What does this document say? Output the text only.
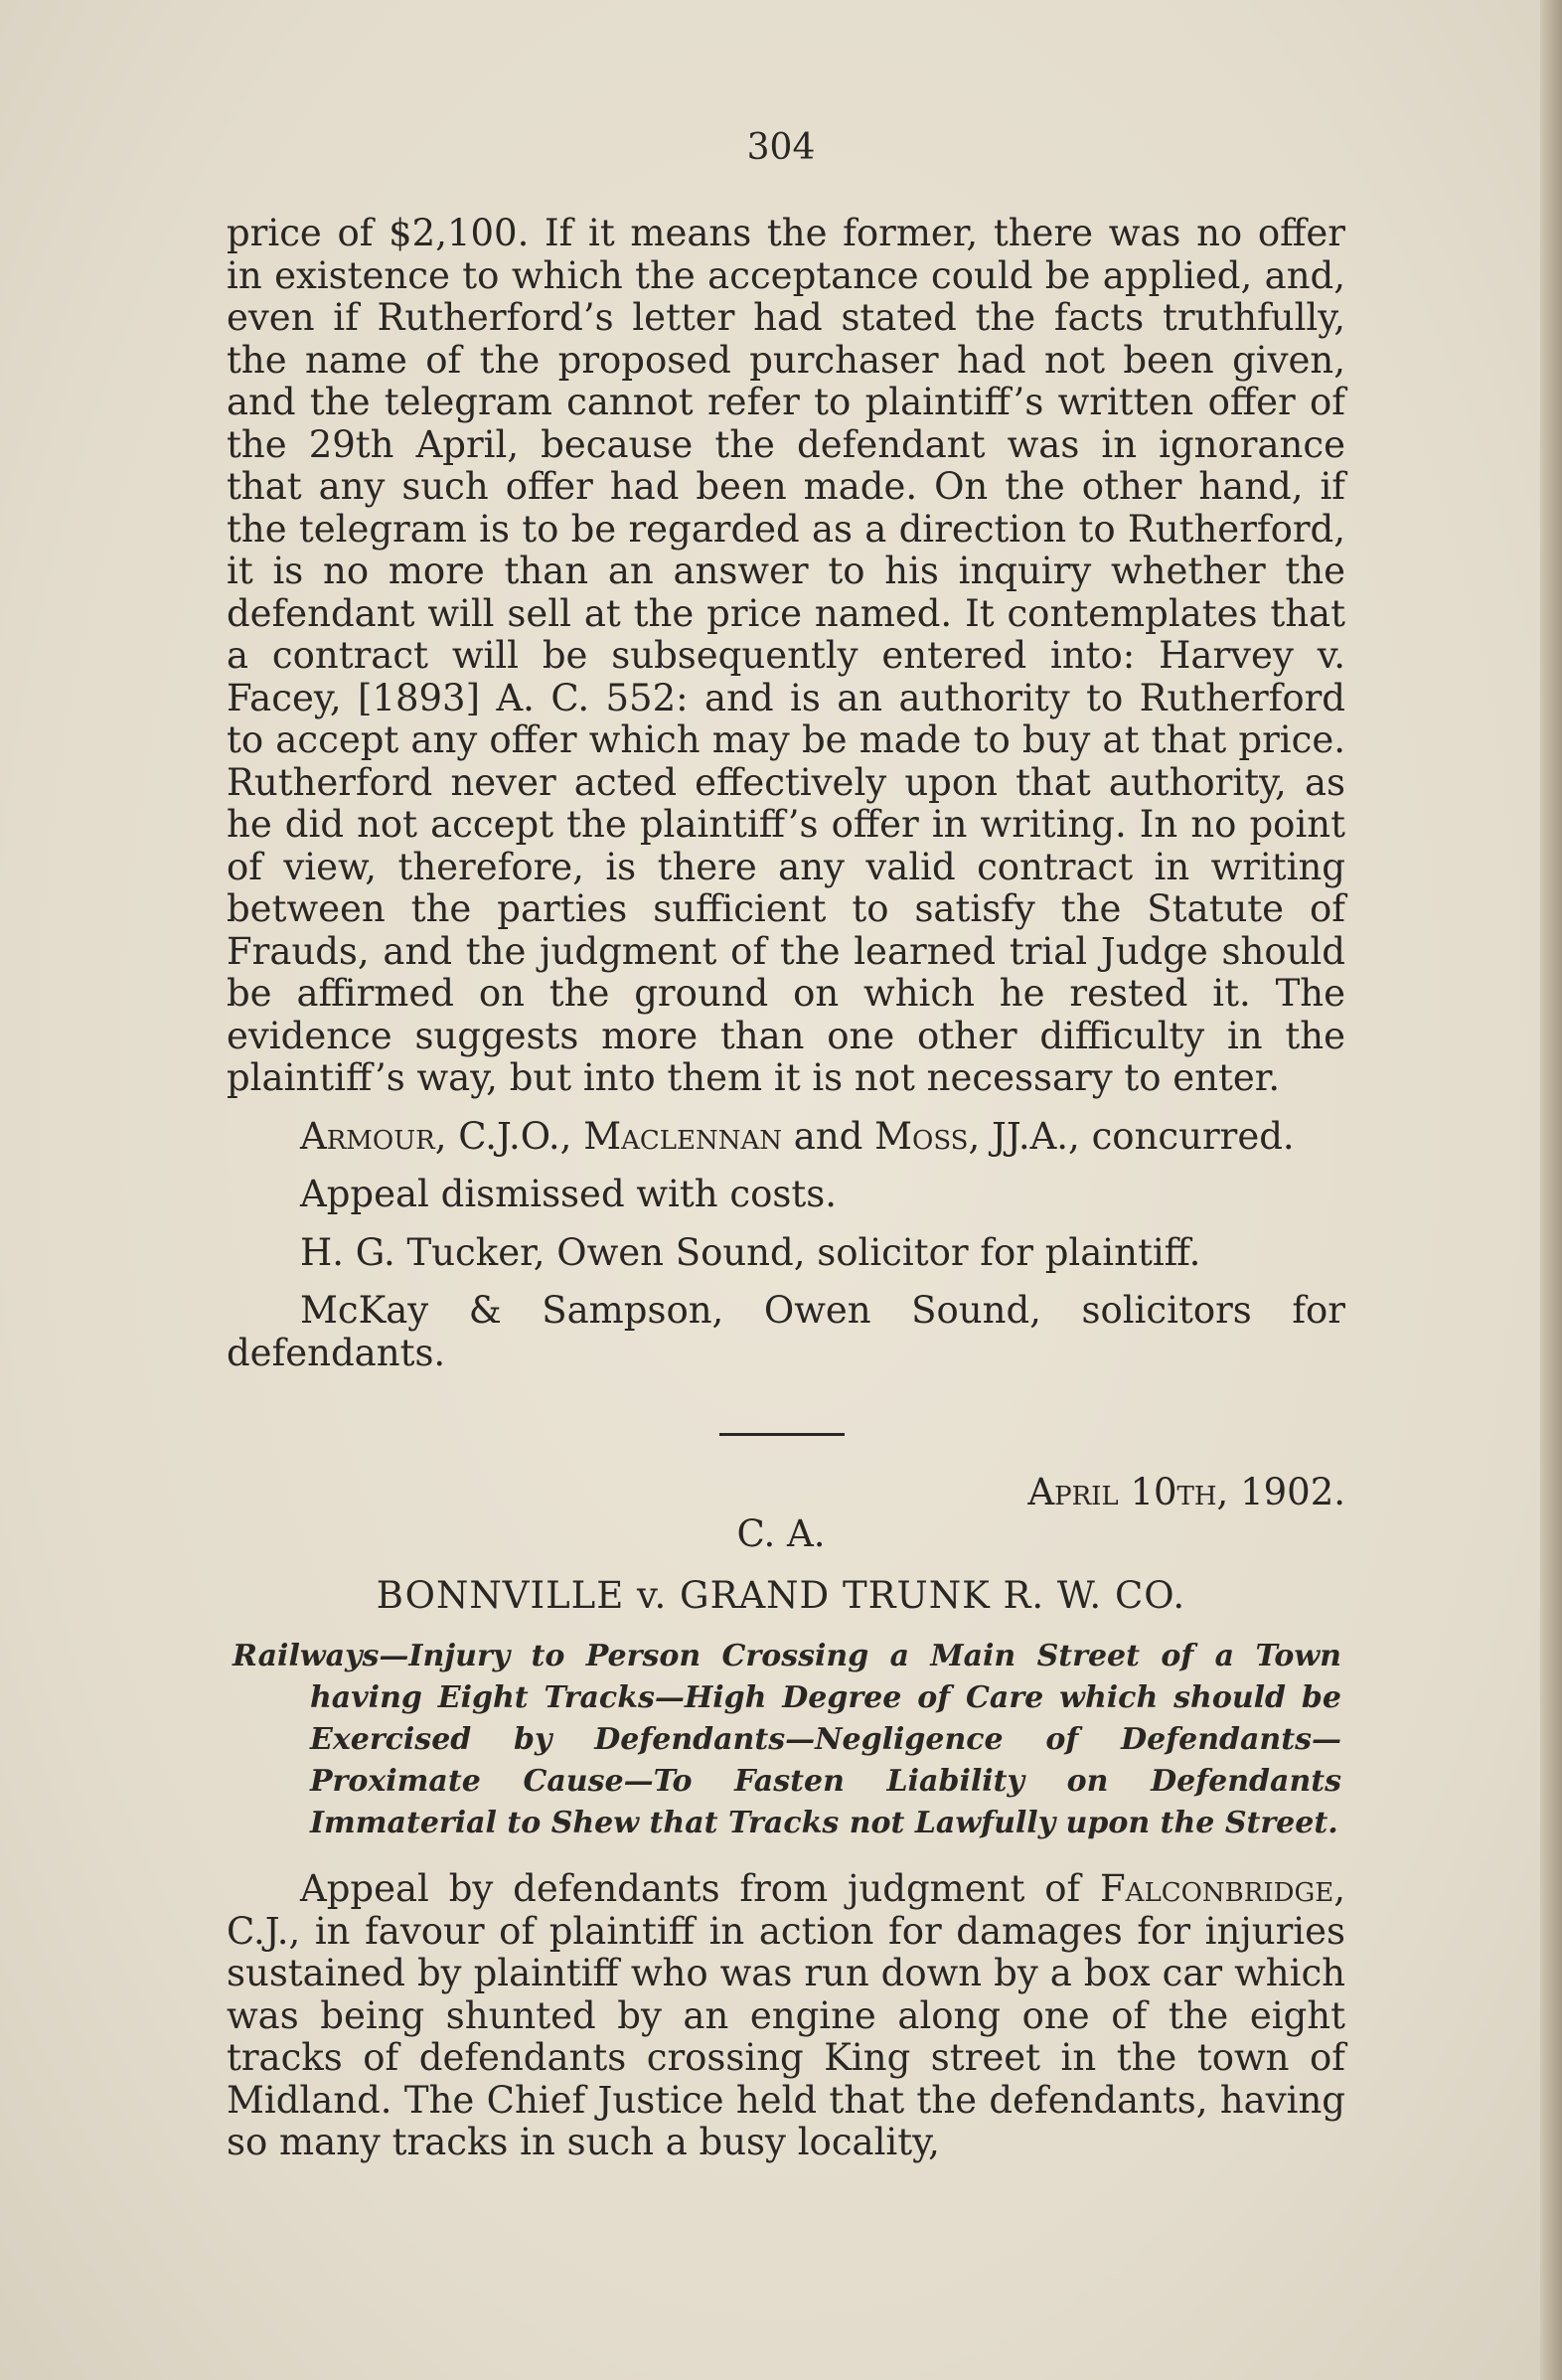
304

price of $2,100. If it means the former, there was no offer in existence to which the acceptance could be applied, and, even if Rutherford’s letter had stated the facts truthfully, the name of the proposed purchaser had not been given, and the telegram cannot refer to plaintiff’s written offer of the 29th April, because the defendant was in ignorance that any such offer had been made. On the other hand, if the telegram is to be regarded as a direction to Rutherford, it is no more than an answer to his inquiry whether the defendant will sell at the price named. It contemplates that a contract will be subsequently entered into: Harvey v. Facey, [1893] A. C. 552: and is an authority to Rutherford to accept any offer which may be made to buy at that price. Rutherford never acted effectively upon that authority, as he did not accept the plaintiff’s offer in writing. In no point of view, therefore, is there any valid contract in writing between the parties sufficient to satisfy the Statute of Frauds, and the judgment of the learned trial Judge should be affirmed on the ground on which he rested it. The evidence suggests more than one other difficulty in the plaintiff’s way, but into them it is not necessary to enter.

Armour, C.J.O., Maclennan and Moss, JJ.A., concurred.

Appeal dismissed with costs.

H. G. Tucker, Owen Sound, solicitor for plaintiff.

McKay & Sampson, Owen Sound, solicitors for defendants.

April 10th, 1902.
C. A.
BONNVILLE v. GRAND TRUNK R. W. CO.

Railways—Injury to Person Crossing a Main Street of a Town having Eight Tracks—High Degree of Care which should be Exercised by Defendants—Negligence of Defendants—Proximate Cause—To Fasten Liability on Defendants Immaterial to Shew that Tracks not Lawfully upon the Street.

Appeal by defendants from judgment of Falconbridge, C.J., in favour of plaintiff in action for damages for injuries sustained by plaintiff who was run down by a box car which was being shunted by an engine along one of the eight tracks of defendants crossing King street in the town of Midland. The Chief Justice held that the defendants, having so many tracks in such a busy locality,
